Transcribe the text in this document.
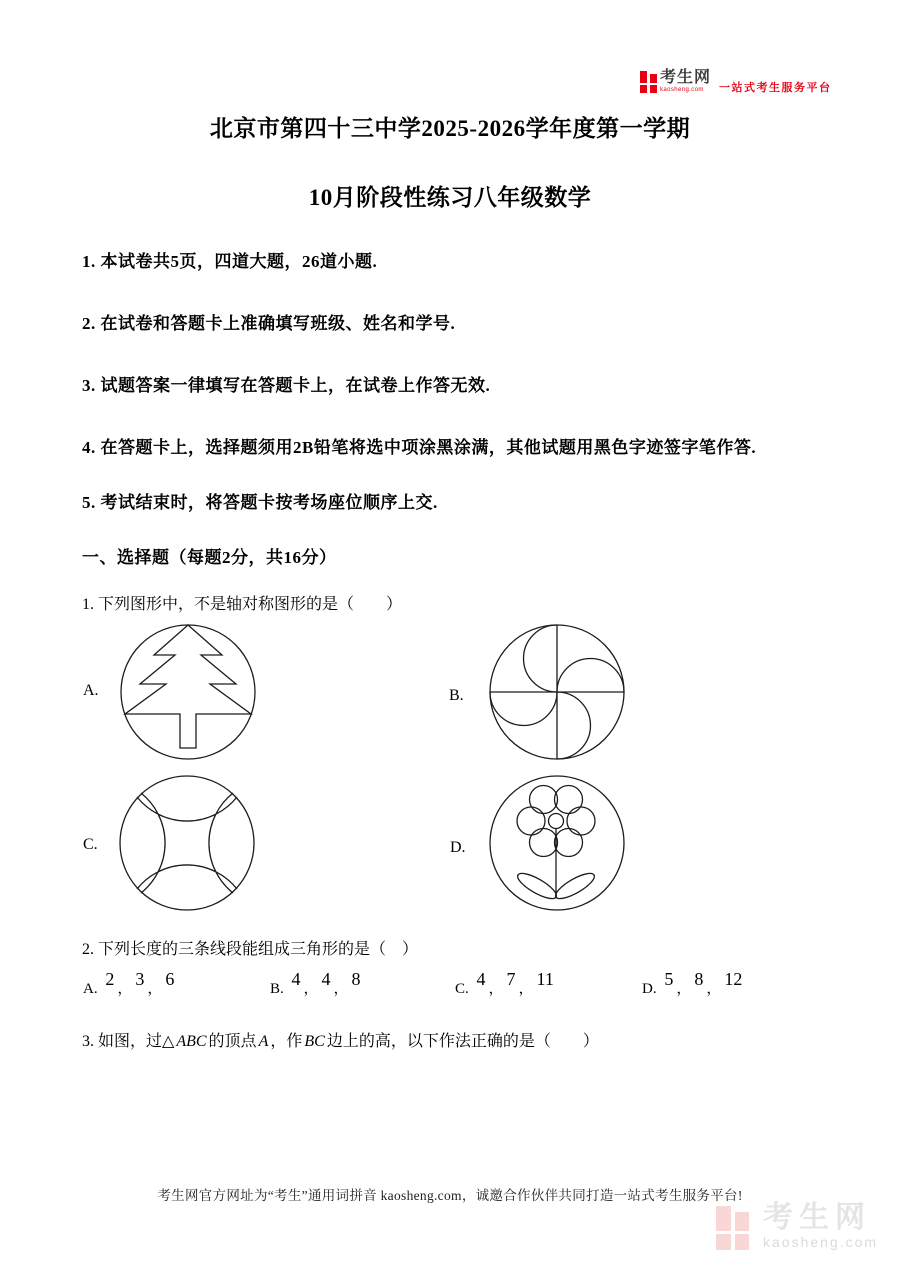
考生网
kaosheng.com	一站式考生服务平台
北京市第四十三中学2025-2026学年度第一学期
10月阶段性练习八年级数学
1. 本试卷共5页，四道大题，26道小题.
2. 在试卷和答题卡上准确填写班级、姓名和学号.
3. 试题答案一律填写在答题卡上，在试卷上作答无效.
4. 在答题卡上，选择题须用2B铅笔将选中项涂黑涂满，其他试题用黑色字迹签字笔作答.
5. 考试结束时，将答题卡按考场座位顺序上交.
一、选择题（每题2分，共16分）
1. 下列图形中，不是轴对称图形的是（　　）
A.	B.
C.	D.
2. 下列长度的三条线段能组成三角形的是（　）
A. 2 ， 3 ， 6	B. 4 ， 4 ， 8	C. 4 ， 7 ， 11	D. 5 ， 8 ， 12
3. 如图，过△ ABC 的顶点 A ，作 BC 边上的高，以下作法正确的是（　　）
考生网官方网址为“考生”通用词拼音 kaosheng.com，诚邀合作伙伴共同打造一站式考生服务平台!
考生网
kaosheng.com
